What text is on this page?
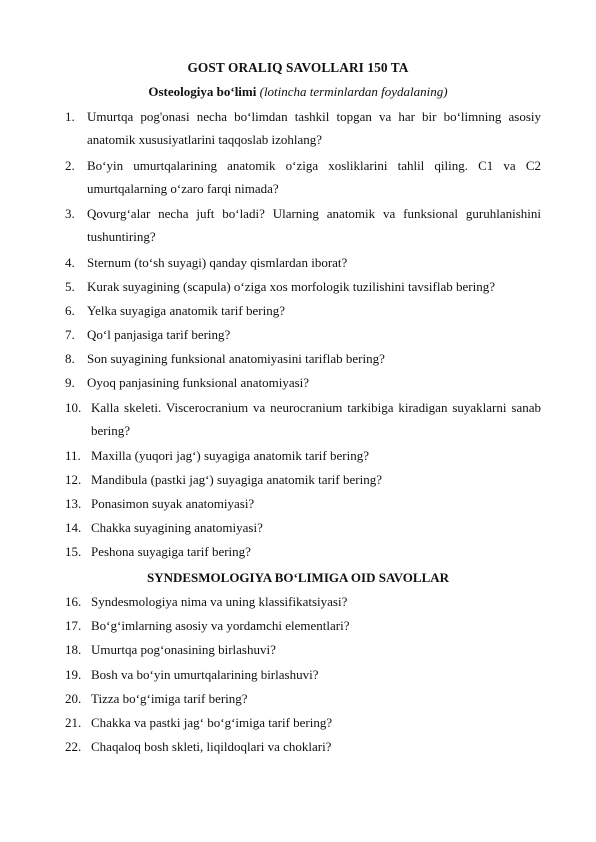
GOST ORALIQ SAVOLLARI 150 TA
Osteologiya bo‘limi (lotincha terminlardan foydalaning)
1. Umurtqa pog'onasi necha bo‘limdan tashkil topgan va har bir bo‘limning asosiy anatomik xususiyatlarini taqqoslab izohlang?
2. Bo‘yin umurtqalarining anatomik o‘ziga xosliklarini tahlil qiling. C1 va C2 umurtqalarning o‘zaro farqi nimada?
3. Qovurg‘alar necha juft bo‘ladi? Ularning anatomik va funksional guruhlanishini tushuntiring?
4. Sternum (to‘sh suyagi) qanday qismlardan iborat?
5. Kurak suyagining (scapula) o‘ziga xos morfologik tuzilishini tavsiflab bering?
6. Yelka suyagiga anatomik tarif bering?
7. Qo‘l panjasiga tarif bering?
8. Son suyagining funksional anatomiyasini tariflab bering?
9. Oyoq panjasining funksional anatomiyasi?
10. Kalla skeleti. Viscerocranium va neurocranium tarkibiga kiradigan suyaklarni sanab bering?
11. Maxilla (yuqori jag‘) suyagiga anatomik tarif bering?
12. Mandibula (pastki jag‘) suyagiga anatomik tarif bering?
13. Ponasimon suyak anatomiyasi?
14. Chakka suyagining anatomiyasi?
15. Peshona suyagiga tarif bering?
SYNDESMOLOGIYA BO‘LIMIGA OID SAVOLLAR
16. Syndesmologiya nima va uning klassifikatsiyasi?
17. Bo‘g‘imlarning asosiy va yordamchi elementlari?
18. Umurtqa pog‘onasining birlashuvi?
19. Bosh va bo‘yin umurtqalarining birlashuvi?
20. Tizza bo‘g‘imiga tarif bering?
21. Chakka va pastki jag‘ bo‘g‘imiga tarif bering?
22. Chaqaloq bosh skleti, liqildoqlari va choklari?
